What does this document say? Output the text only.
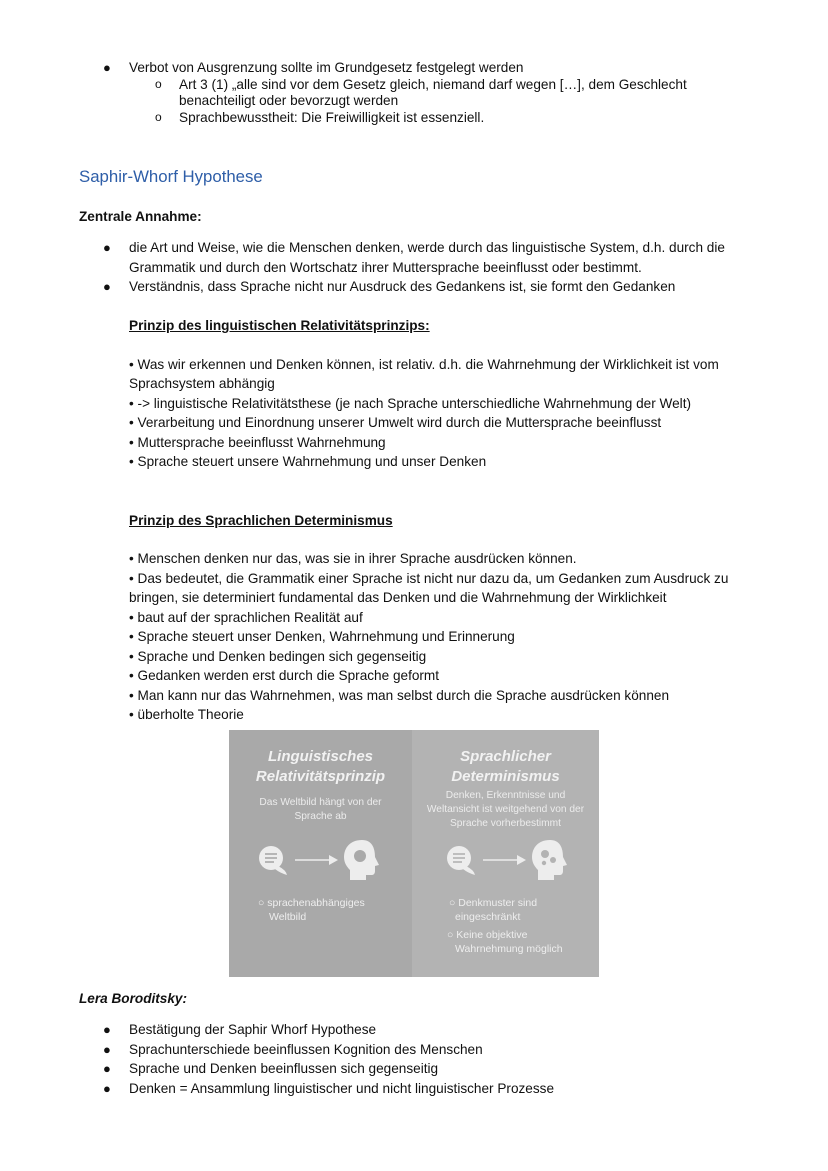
● Verbot von Ausgrenzung sollte im Grundgesetz festgelegt werden
o Art 3 (1) „alle sind vor dem Gesetz gleich, niemand darf wegen […], dem Geschlecht
benachteiligt oder bevorzugt werden
o Sprachbewusstheit: Die Freiwilligkeit ist essenziell.
Saphir-Whorf Hypothese
Zentrale Annahme:
● die Art und Weise, wie die Menschen denken, werde durch das linguistische System, d.h. durch die
Grammatik und durch den Wortschatz ihrer Muttersprache beeinflusst oder bestimmt.
● Verständnis, dass Sprache nicht nur Ausdruck des Gedankens ist, sie formt den Gedanken
Prinzip des linguistischen Relativitätsprinzips:
• Was wir erkennen und Denken können, ist relativ. d.h. die Wahrnehmung der Wirklichkeit ist vom
Sprachsystem abhängig
• -> linguistische Relativitätsthese (je nach Sprache unterschiedliche Wahrnehmung der Welt)
• Verarbeitung und Einordnung unserer Umwelt wird durch die Muttersprache beeinflusst
• Muttersprache beeinflusst Wahrnehmung
• Sprache steuert unsere Wahrnehmung und unser Denken
Prinzip des Sprachlichen Determinismus
• Menschen denken nur das, was sie in ihrer Sprache ausdrücken können.
• Das bedeutet, die Grammatik einer Sprache ist nicht nur dazu da, um Gedanken zum Ausdruck zu
bringen, sie determiniert fundamental das Denken und die Wahrnehmung der Wirklichkeit
• baut auf der sprachlichen Realität auf
• Sprache steuert unser Denken, Wahrnehmung und Erinnerung
• Sprache und Denken bedingen sich gegenseitig
• Gedanken werden erst durch die Sprache geformt
• Man kann nur das Wahrnehmen, was man selbst durch die Sprache ausdrücken können
• überholte Theorie
Linguistisches
Relativitätsprinzip
Das Weltbild hängt von der
Sprache ab
○ sprachenabhängiges
Weltbild
Sprachlicher
Determinismus
Denken, Erkenntnisse und
Weltansicht ist weitgehend von der
Sprache vorherbestimmt
○ Denkmuster sind
eingeschränkt
○ Keine objektive
Wahrnehmung möglich
Lera Boroditsky:
● Bestätigung der Saphir Whorf Hypothese
● Sprachunterschiede beeinflussen Kognition des Menschen
● Sprache und Denken beeinflussen sich gegenseitig
● Denken = Ansammlung linguistischer und nicht linguistischer Prozesse
